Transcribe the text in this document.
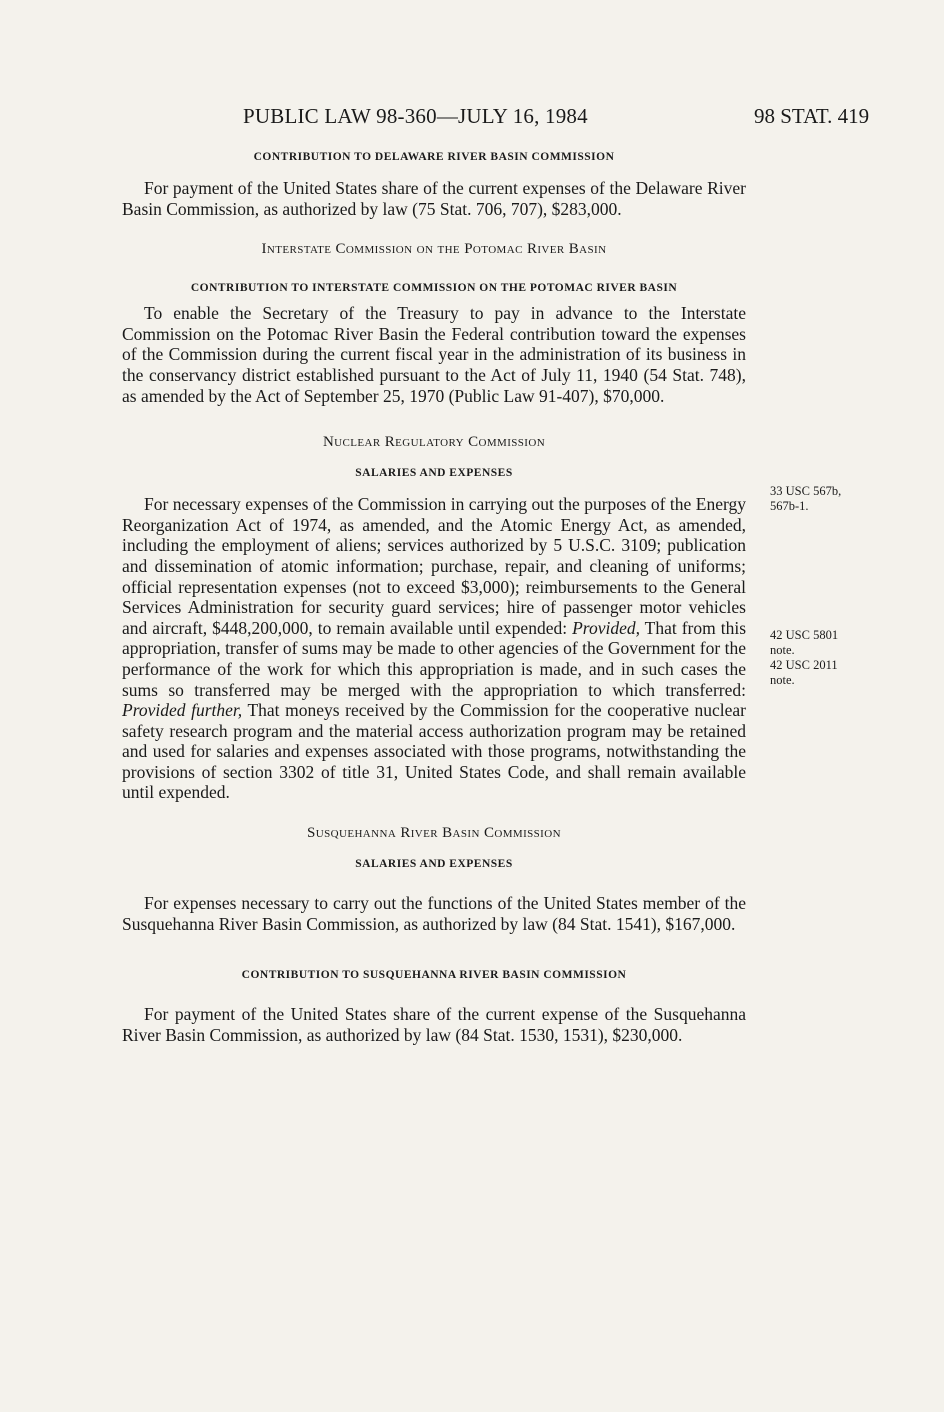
PUBLIC LAW 98-360—JULY 16, 1984	98 STAT. 419

CONTRIBUTION TO DELAWARE RIVER BASIN COMMISSION

For payment of the United States share of the current expenses of the Delaware River Basin Commission, as authorized by law (75 Stat. 706, 707), $283,000.

Interstate Commission on the Potomac River Basin

CONTRIBUTION TO INTERSTATE COMMISSION ON THE POTOMAC RIVER BASIN

To enable the Secretary of the Treasury to pay in advance to the Interstate Commission on the Potomac River Basin the Federal contribution toward the expenses of the Commission during the current fiscal year in the administration of its business in the conservancy district established pursuant to the Act of July 11, 1940 (54 Stat. 748), as amended by the Act of September 25, 1970 (Public Law 91-407), $70,000.

Nuclear Regulatory Commission

SALARIES AND EXPENSES

For necessary expenses of the Commission in carrying out the purposes of the Energy Reorganization Act of 1974, as amended, and the Atomic Energy Act, as amended, including the employment of aliens; services authorized by 5 U.S.C. 3109; publication and dissemination of atomic information; purchase, repair, and cleaning of uniforms; official representation expenses (not to exceed $3,000); reimbursements to the General Services Administration for security guard services; hire of passenger motor vehicles and aircraft, $448,200,000, to remain available until expended: Provided, That from this appropriation, transfer of sums may be made to other agencies of the Government for the performance of the work for which this appropriation is made, and in such cases the sums so transferred may be merged with the appropriation to which transferred: Provided further, That moneys received by the Commission for the cooperative nuclear safety research program and the material access authorization program may be retained and used for salaries and expenses associated with those programs, notwithstanding the provisions of section 3302 of title 31, United States Code, and shall remain available until expended.

Susquehanna River Basin Commission

SALARIES AND EXPENSES

For expenses necessary to carry out the functions of the United States member of the Susquehanna River Basin Commission, as authorized by law (84 Stat. 1541), $167,000.

CONTRIBUTION TO SUSQUEHANNA RIVER BASIN COMMISSION

For payment of the United States share of the current expense of the Susquehanna River Basin Commission, as authorized by law (84 Stat. 1530, 1531), $230,000.

33 USC 567b,
567b-1.
42 USC 5801
note.
42 USC 2011
note.
